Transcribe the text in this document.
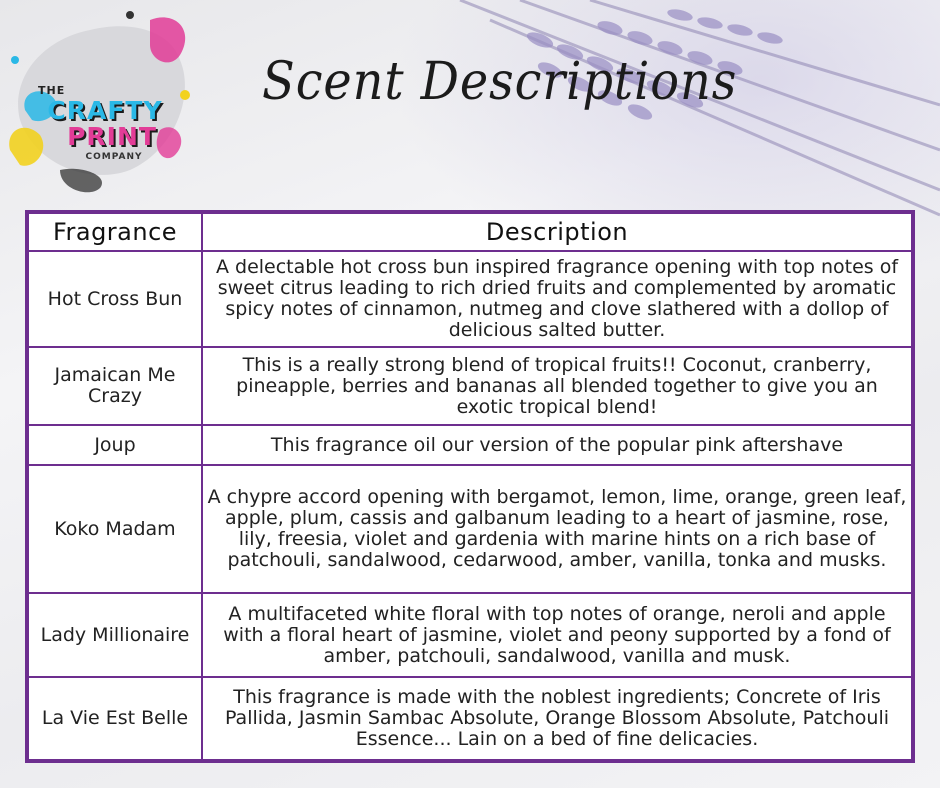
THE
CRAFTY
PRINT
COMPANY
Scent Descriptions
Fragrance	Description
Hot Cross Bun	A delectable hot cross bun inspired fragrance opening with top notes of sweet citrus leading to rich dried fruits and complemented by aromatic spicy notes of cinnamon, nutmeg and clove slathered with a dollop of delicious salted butter.
Jamaican Me Crazy	This is a really strong blend of tropical fruits!! Coconut, cranberry, pineapple, berries and bananas all blended together to give you an exotic tropical blend!
Joup	This fragrance oil our version of the popular pink aftershave
Koko Madam	A chypre accord opening with bergamot, lemon, lime, orange, green leaf, apple, plum, cassis and galbanum leading to a heart of jasmine, rose, lily, freesia, violet and gardenia with marine hints on a rich base of patchouli, sandalwood, cedarwood, amber, vanilla, tonka and musks.
Lady Millionaire	A multifaceted white floral with top notes of orange, neroli and apple with a floral heart of jasmine, violet and peony supported by a fond of amber, patchouli, sandalwood, vanilla and musk.
La Vie Est Belle	This fragrance is made with the noblest ingredients; Concrete of Iris Pallida, Jasmin Sambac Absolute, Orange Blossom Absolute, Patchouli Essence... Lain on a bed of fine delicacies.
